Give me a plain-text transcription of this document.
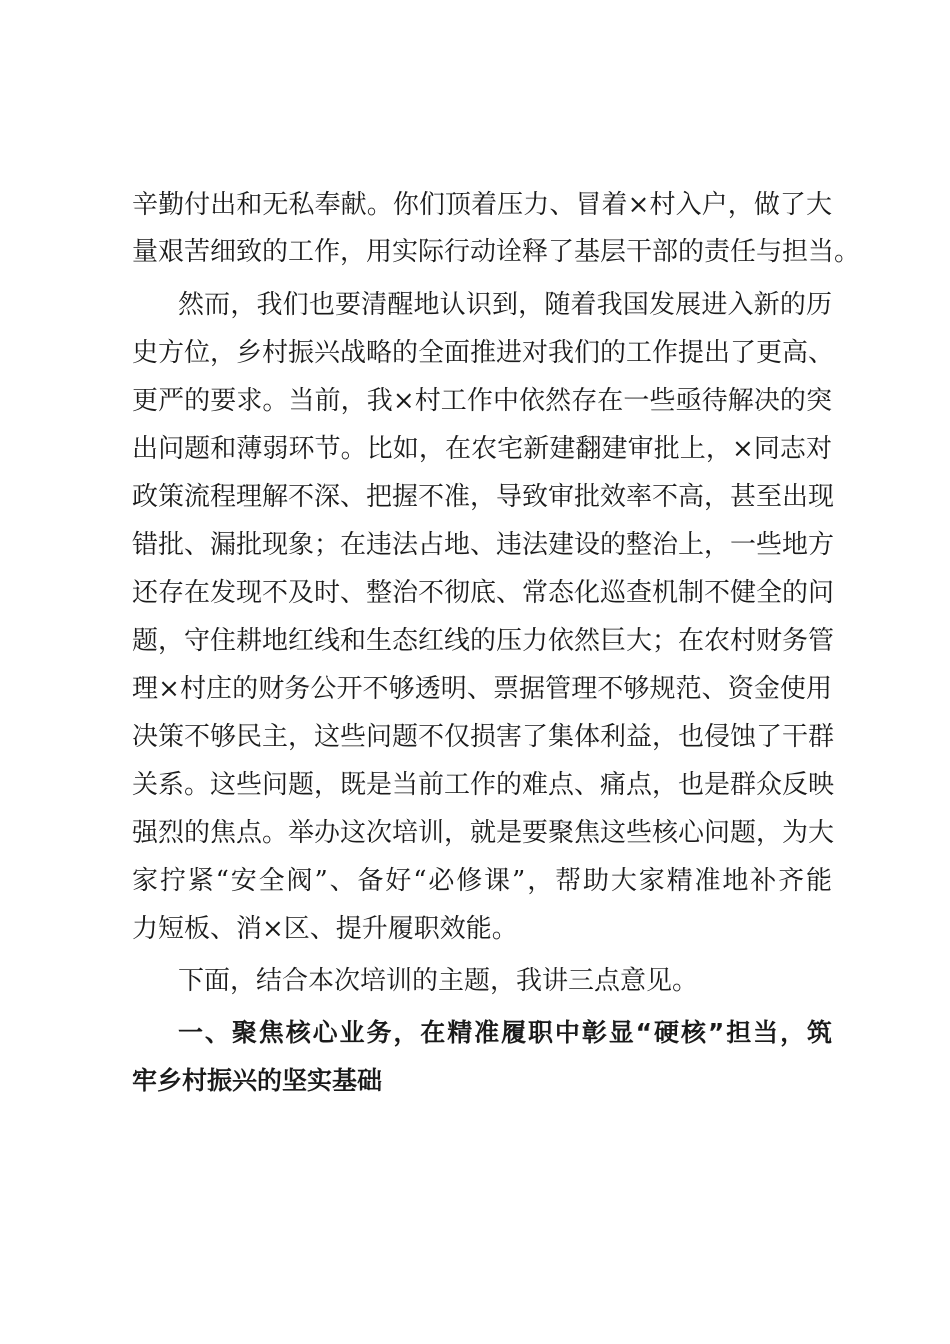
辛勤付出和无私奉献。你们顶着压力、冒着×村入户，做了大
量艰苦细致的工作，用实际行动诠释了基层干部的责任与担当。
然而，我们也要清醒地认识到，随着我国发展进入新的历
史方位，乡村振兴战略的全面推进对我们的工作提出了更高、
更严的要求。当前，我×村工作中依然存在一些亟待解决的突
出问题和薄弱环节。比如，在农宅新建翻建审批上，×同志对
政策流程理解不深、把握不准，导致审批效率不高，甚至出现
错批、漏批现象；在违法占地、违法建设的整治上，一些地方
还存在发现不及时、整治不彻底、常态化巡查机制不健全的问
题，守住耕地红线和生态红线的压力依然巨大；在农村财务管
理×村庄的财务公开不够透明、票据管理不够规范、资金使用
决策不够民主，这些问题不仅损害了集体利益，也侵蚀了干群
关系。这些问题，既是当前工作的难点、痛点，也是群众反映
强烈的焦点。举办这次培训，就是要聚焦这些核心问题，为大
家拧紧“安全阀”、备好“必修课”，帮助大家精准地补齐能
力短板、消×区、提升履职效能。
下面，结合本次培训的主题，我讲三点意见。
一、聚焦核心业务，在精准履职中彰显“硬核”担当，筑
牢乡村振兴的坚实基础
